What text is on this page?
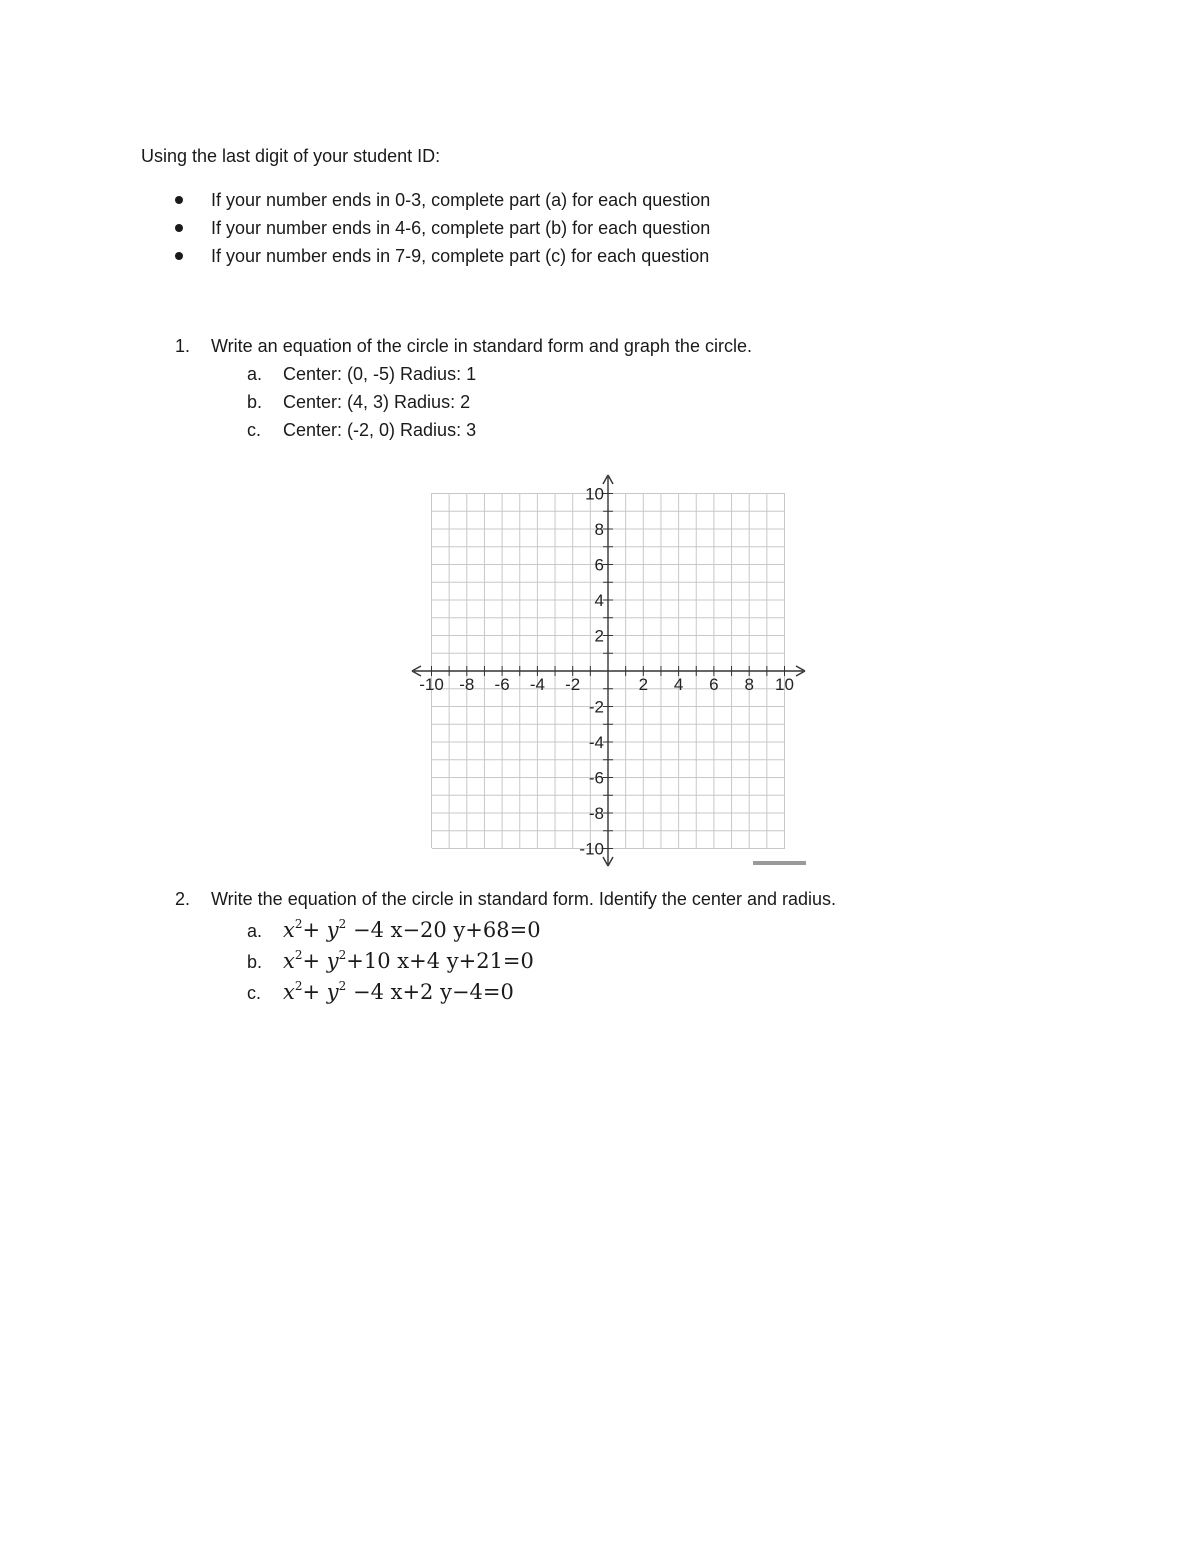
Using the last digit of your student ID:
If your number ends in 0-3, complete part (a) for each question
If your number ends in 4-6, complete part (b) for each question
If your number ends in 7-9, complete part (c) for each question
1. Write an equation of the circle in standard form and graph the circle.
a. Center: (0, -5) Radius: 1
b. Center: (4, 3) Radius: 2
c. Center: (-2, 0) Radius: 3
-10 -8 -6 -4 -2	2 4 6 8 10
10
8
6
4
2
-2
-4
-6
-8
-10
2. Write the equation of the circle in standard form. Identify the center and radius.
a. $x^2+ y^2 -4$ x−20 y+68=0
b. $x^2+ y^2+10$ x+4 y+21=0
c. $x^2+ y^2 -4$ x+2 y−4=0
